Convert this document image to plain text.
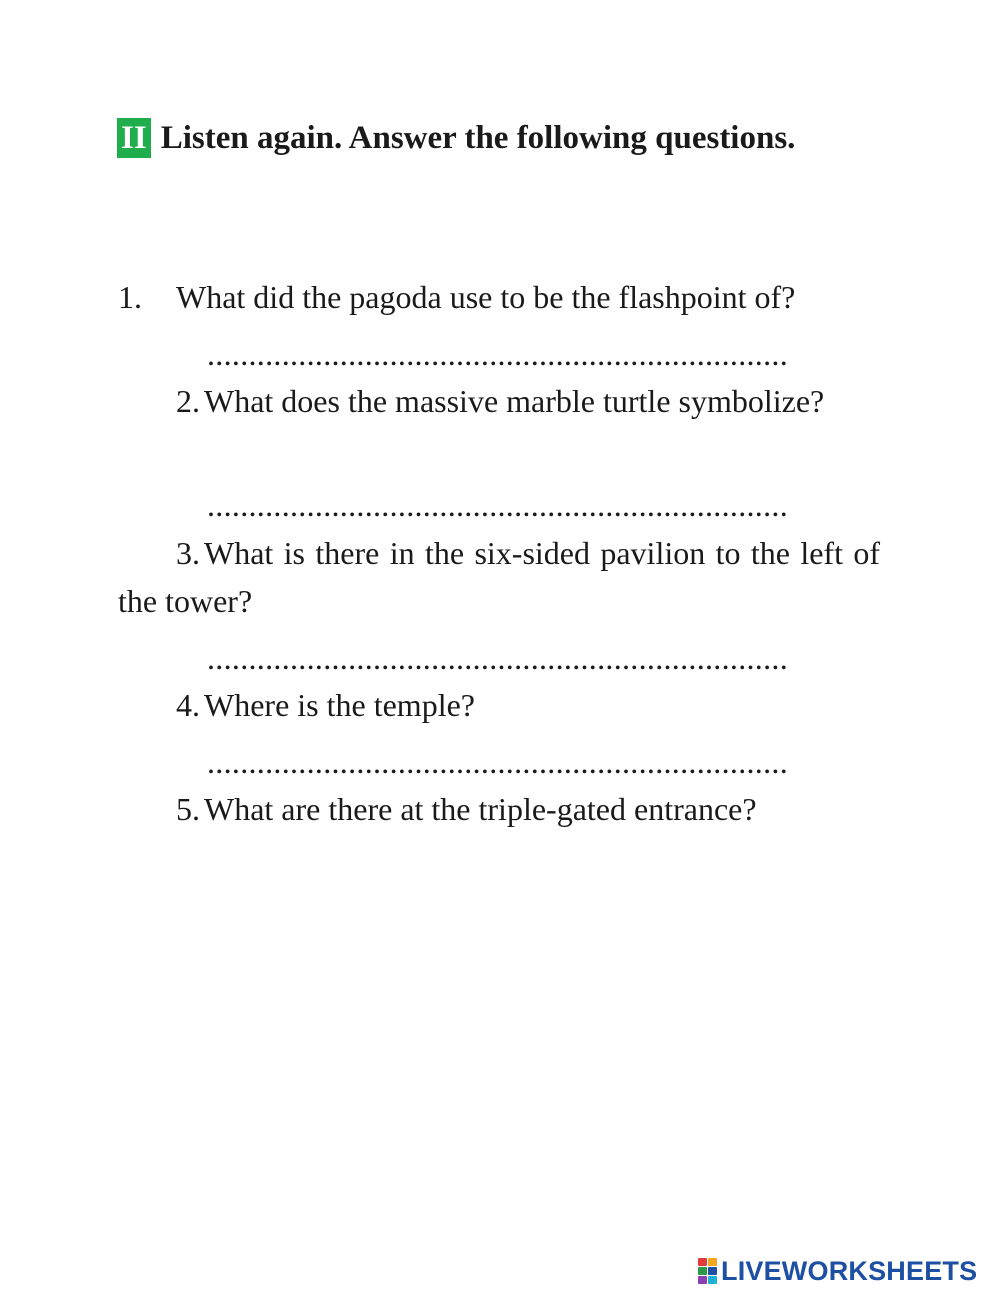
II Listen again. Answer the following questions.

1. What did the pagoda use to be the flashpoint of?

......................................................................

2. What does the massive marble turtle symbolize?

......................................................................

3. What is there in the six-sided pavilion to the left of the tower?

......................................................................

4. Where is the temple?

......................................................................

5. What are there at the triple-gated entrance?

LIVEWORKSHEETS
